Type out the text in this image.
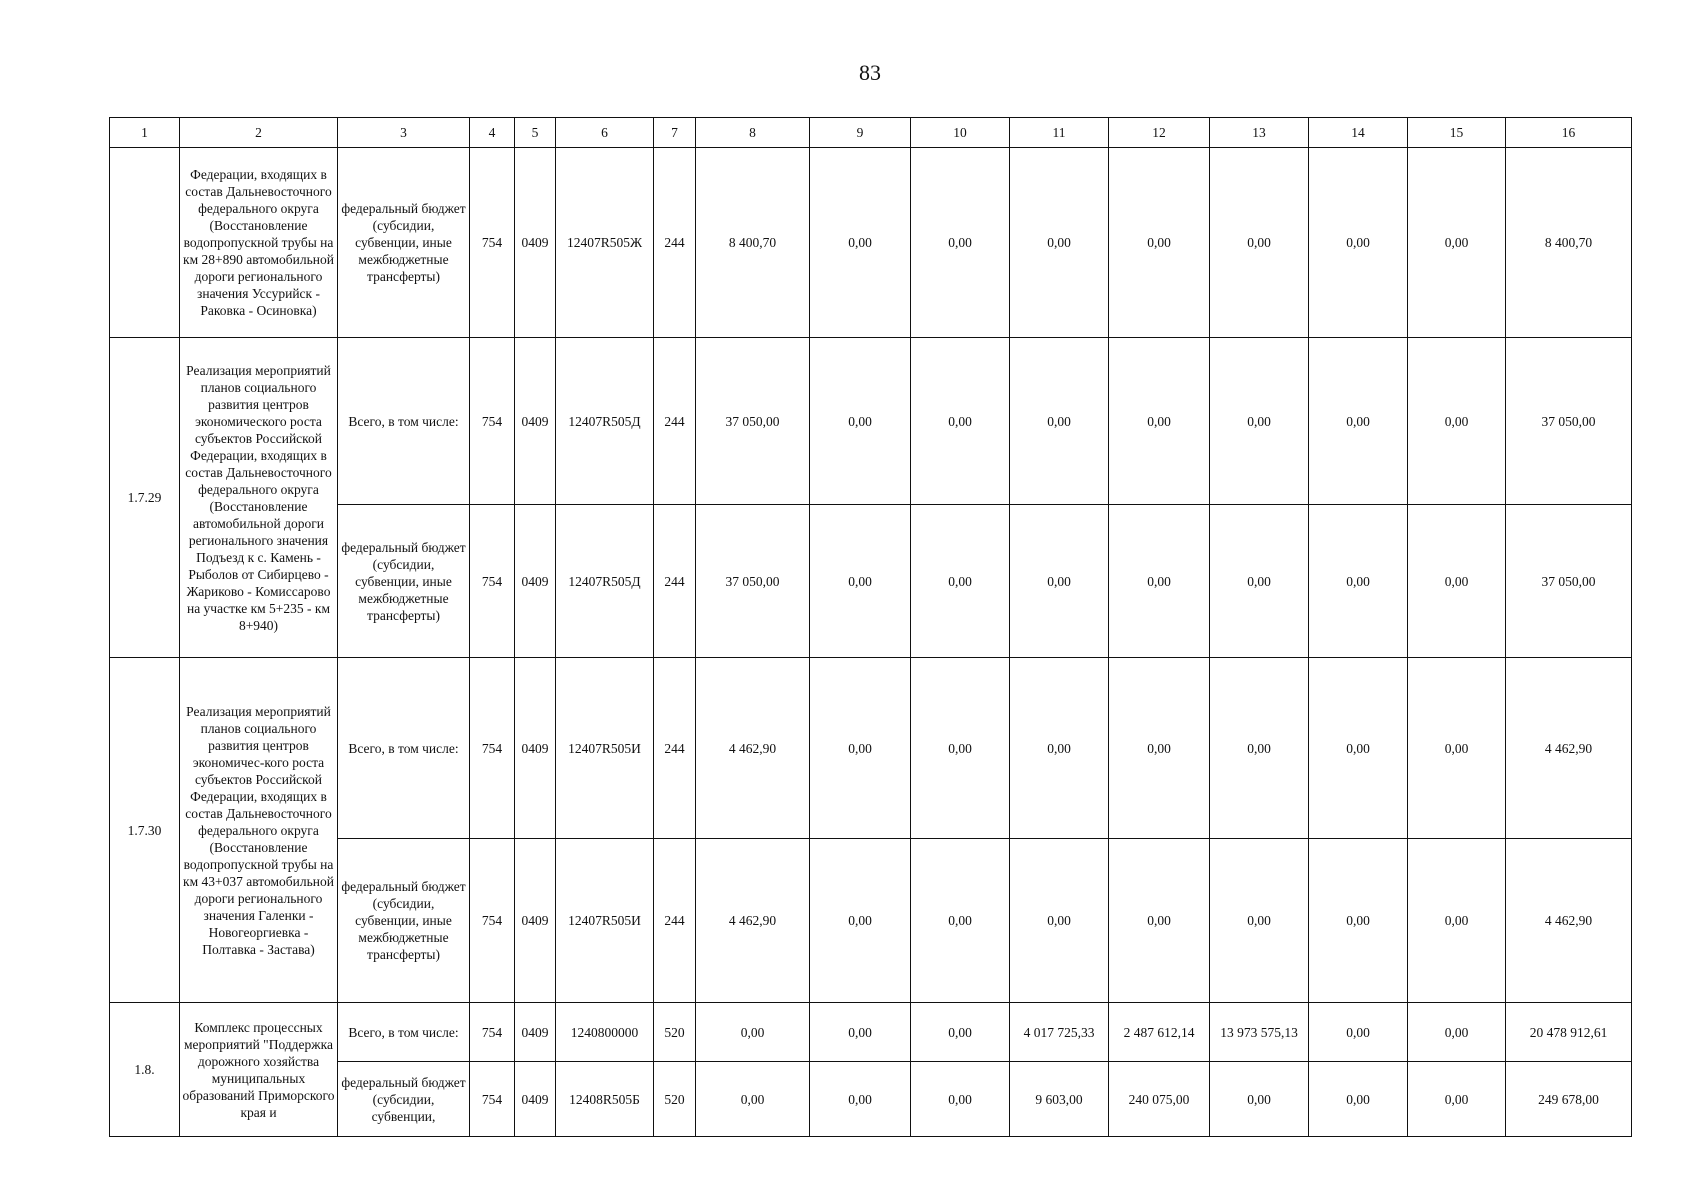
83
1	2	3	4	5	6	7	8	9	10	11	12	13	14	15	16
	Федерации, входящих в состав Дальневосточного федерального округа (Восстановление водопропускной трубы на км 28+890 автомобильной дороги регионального значения Уссурийск - Раковка - Осиновка)	федеральный бюджет (субсидии, субвенции, иные межбюджетные трансферты)	754	0409	12407R505Ж	244	8 400,70	0,00	0,00	0,00	0,00	0,00	0,00	0,00	8 400,70
1.7.29	Реализация мероприятий планов социального развития центров экономического роста субъектов Российской Федерации, входящих в состав Дальневосточного федерального округа (Восстановление автомобильной дороги регионального значения Подъезд к с. Камень - Рыболов от Сибирцево - Жариково - Комиссарово на участке км 5+235 - км 8+940)	Всего, в том числе:	754	0409	12407R505Д	244	37 050,00	0,00	0,00	0,00	0,00	0,00	0,00	0,00	37 050,00
		федеральный бюджет (субсидии, субвенции, иные межбюджетные трансферты)	754	0409	12407R505Д	244	37 050,00	0,00	0,00	0,00	0,00	0,00	0,00	0,00	37 050,00
1.7.30	Реализация мероприятий планов социального развития центров экономичес-кого роста субъектов Российской Федерации, входящих в состав Дальневосточного федерального округа (Восстановление водопропускной трубы на км 43+037 автомобильной дороги регионального значения Галенки - Новогеоргиевка - Полтавка - Застава)	Всего, в том числе:	754	0409	12407R505И	244	4 462,90	0,00	0,00	0,00	0,00	0,00	0,00	0,00	4 462,90
		федеральный бюджет (субсидии, субвенции, иные межбюджетные трансферты)	754	0409	12407R505И	244	4 462,90	0,00	0,00	0,00	0,00	0,00	0,00	0,00	4 462,90
1.8.	Комплекс процессных мероприятий "Поддержка дорожного хозяйства муниципальных образований Приморского края и	Всего, в том числе:	754	0409	1240800000	520	0,00	0,00	0,00	4 017 725,33	2 487 612,14	13 973 575,13	0,00	0,00	20 478 912,61
		федеральный бюджет (субсидии, субвенции,	754	0409	12408R505Б	520	0,00	0,00	0,00	9 603,00	240 075,00	0,00	0,00	0,00	249 678,00
